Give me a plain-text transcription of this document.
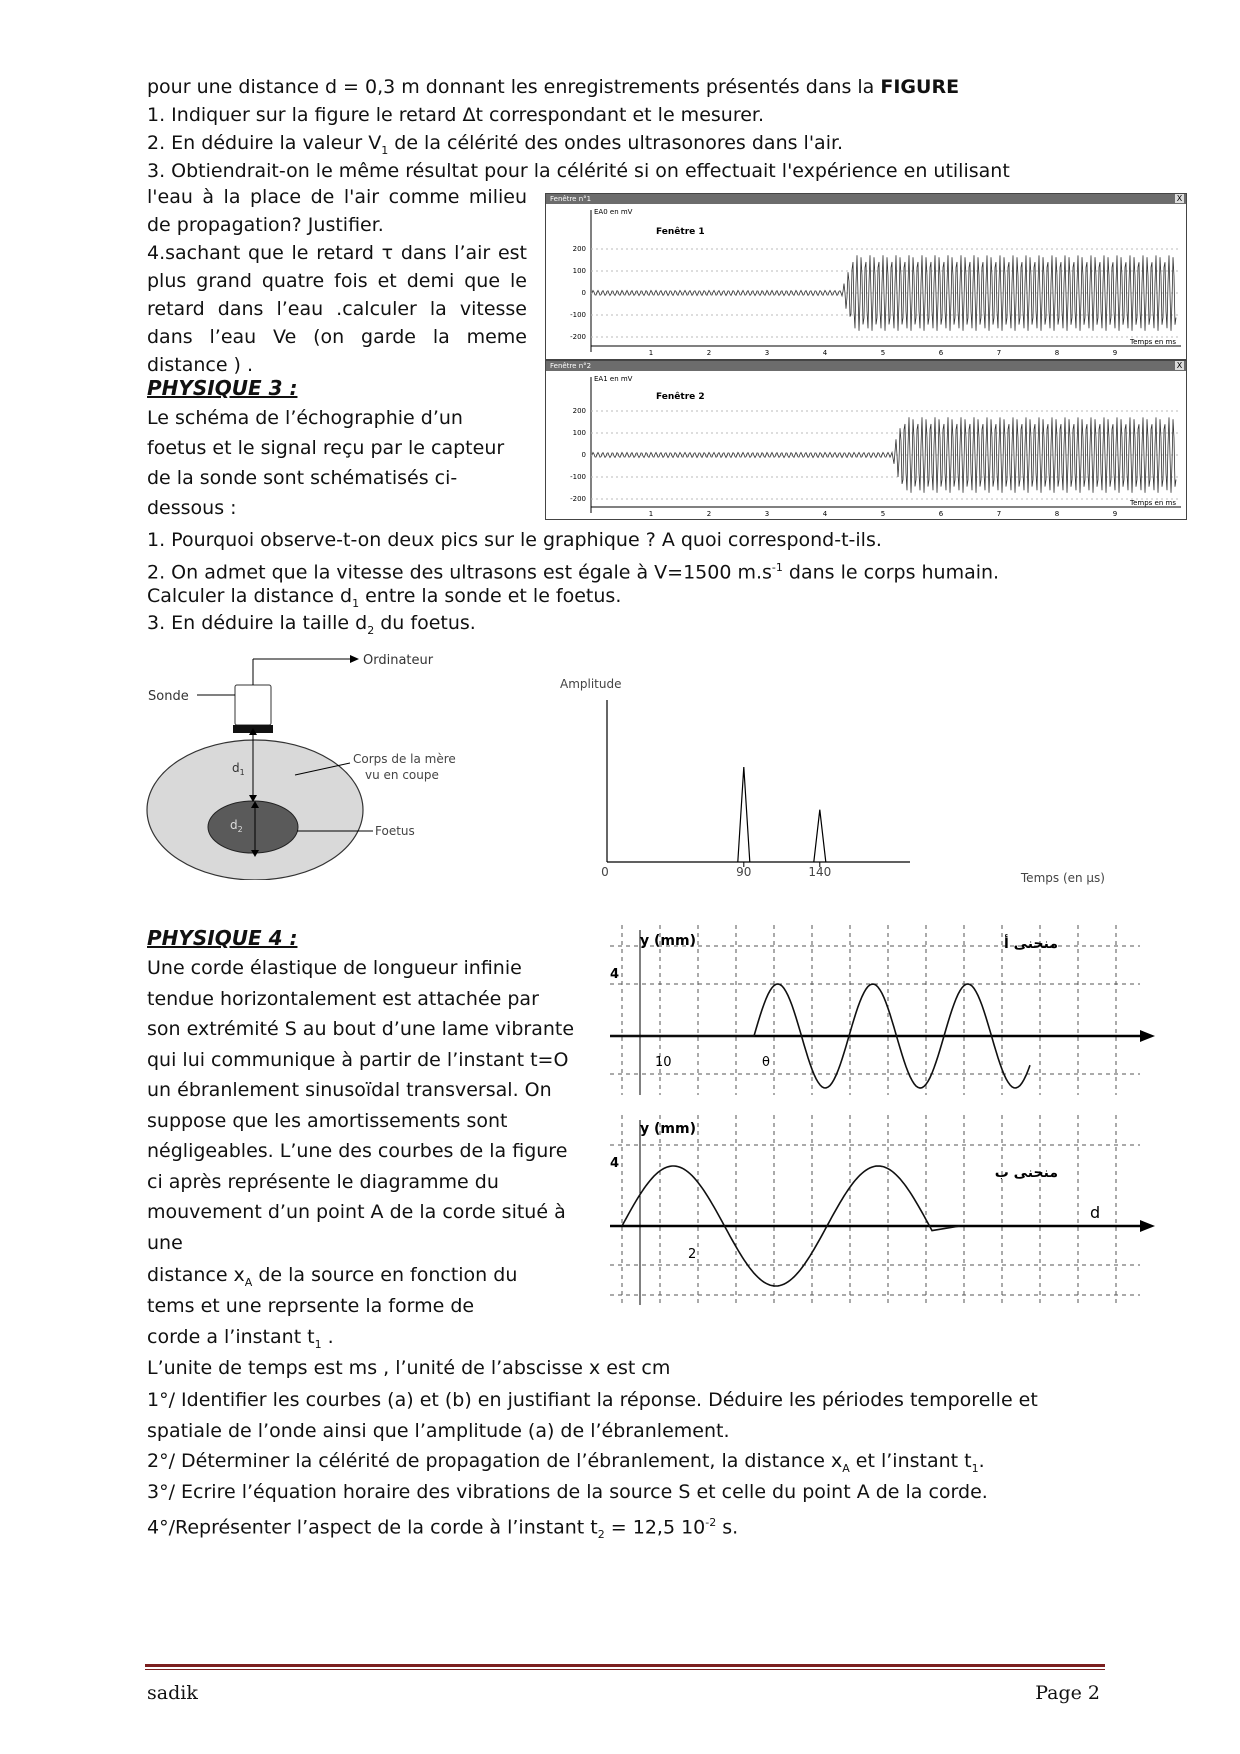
pour une distance d = 0,3 m donnant les enregistrements présentés dans la FIGURE
1. Indiquer sur la figure le retard Δt correspondant et le mesurer.
2. En déduire la valeur $V_1$ de la célérité des ondes ultrasonores dans l'air.
3. Obtiendrait-on le même résultat pour la célérité si on effectuait l'expérience en utilisant
l'eau à la place de l'air comme milieu de propagation? Justifier.
4.sachant que le retard τ dans l’air est plus grand quatre fois et demi que le retard dans l’eau .calculer la vitesse dans l’eau Ve (on garde la meme distance ) .
PHYSIQUE 3 :
Le schéma de l’échographie d’un foetus et le signal reçu par le capteur de la sonde sont schématisés ci-dessous :
Fenêtre n°1	X
EA0 en mV
Fenêtre 1
200
100
0
-100
-200
1	2	3	4	5	6	7	8	9
Temps en ms
Fenêtre n°2	X
EA1 en mV
Fenêtre 2
200
100
0
-100
-200
1	2	3	4	5	6	7	8	9
Temps en ms
1. Pourquoi observe-t-on deux pics sur le graphique ? A quoi correspond-t-ils.
2. On admet que la vitesse des ultrasons est égale à V=1500 $m.s^{-1}$ dans le corps humain.
Calculer la distance $d_1$ entre la sonde et le foetus.
3. En déduire la taille $d_2$ du foetus.
Ordinateur
Sonde
$d_1$
$d_2$
Corps de la mère
vu en coupe
Foetus
Amplitude
0	90	140	Temps (en µs)
PHYSIQUE 4 :
Une corde élastique de longueur infinie tendue horizontalement est attachée par son extrémité S au bout d’une lame vibrante qui lui communique à partir de l’instant t=O un ébranlement sinusoïdal transversal. On suppose que les amortissements sont négligeables. L’une des courbes de la figure ci après représente le diagramme du mouvement d’un point A de la corde situé à une
distance $x_A$ de la source en fonction du
tems et une reprsente la forme de
corde a l’instant $t_1$ .
L’unite de temps est ms , l’unité de l’abscisse x est cm
1°/ Identifier les courbes (a) et (b) en justifiant la réponse. Déduire les périodes temporelle et spatiale de l’onde ainsi que l’amplitude (a) de l’ébranlement.
2°/ Déterminer la célérité de propagation de l’ébranlement, la distance $x_A$ et l’instant $t_1$.
3°/ Ecrire l’équation horaire des vibrations de la source S et celle du point A de la corde.
4°/Représenter l’aspect de la corde à l’instant $t_2 = 12,5$ $10^{-2}$ s.
y (mm)
4
10	θ
منحنى أ
y (mm)
4
2
d
منحنى ب
sadik	Page 2
